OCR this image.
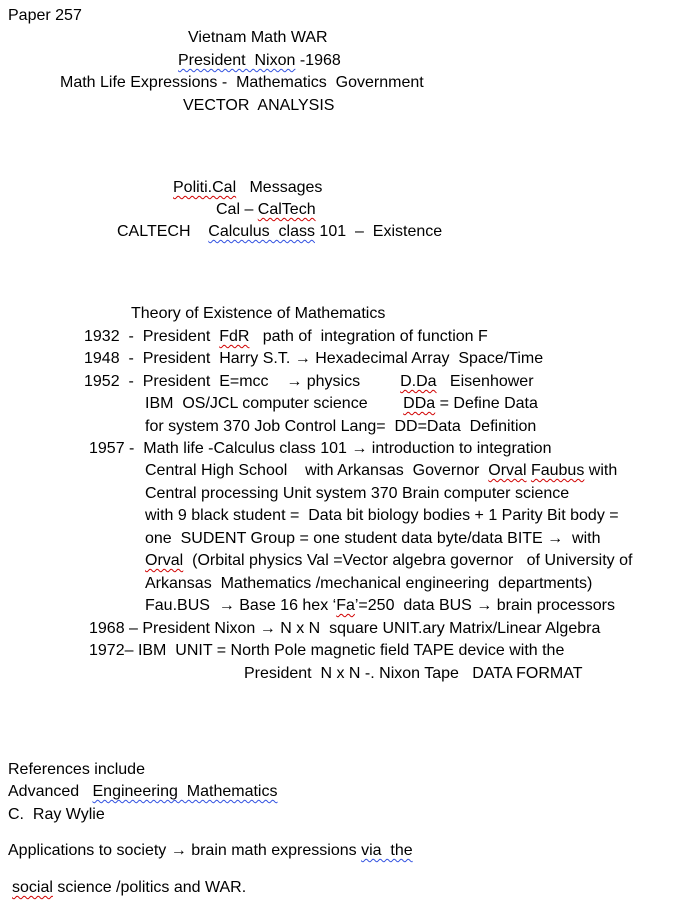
Paper 257
Vietnam Math WAR
President  Nixon -1968
Math Life Expressions -  Mathematics  Government
VECTOR  ANALYSIS
Politi.Cal   Messages
Cal – CalTech
CALTECH    Calculus  class 101  –  Existence
Theory of Existence of Mathematics
1932  -  President  FdR   path of  integration of function F
1948  -  President  Harry S.T. → Hexadecimal Array  Space/Time
1952  -  President  E=mcc    → physics         D.Da   Eisenhower
IBM  OS/JCL computer science        DDa = Define Data
for system 370 Job Control Lang=  DD=Data  Definition
1957 -  Math life -Calculus class 101 → introduction to integration
Central High School    with Arkansas  Governor  Orval Faubus with
Central processing Unit system 370 Brain computer science
with 9 black student =  Data bit biology bodies + 1 Parity Bit body =
one  SUDENT Group = one student data byte/data BITE →  with
Orval  (Orbital physics Val =Vector algebra governor   of University of
Arkansas  Mathematics /mechanical engineering  departments)
Fau.BUS  → Base 16 hex ‘Fa’=250  data BUS → brain processors
1968 – President Nixon → N x N  square UNIT.ary Matrix/Linear Algebra
1972– IBM  UNIT = North Pole magnetic field TAPE device with the
President  N x N -. Nixon Tape   DATA FORMAT
References include
Advanced   Engineering  Mathematics
C.  Ray Wylie
Applications to society → brain math expressions via  the
social science /politics and WAR.
